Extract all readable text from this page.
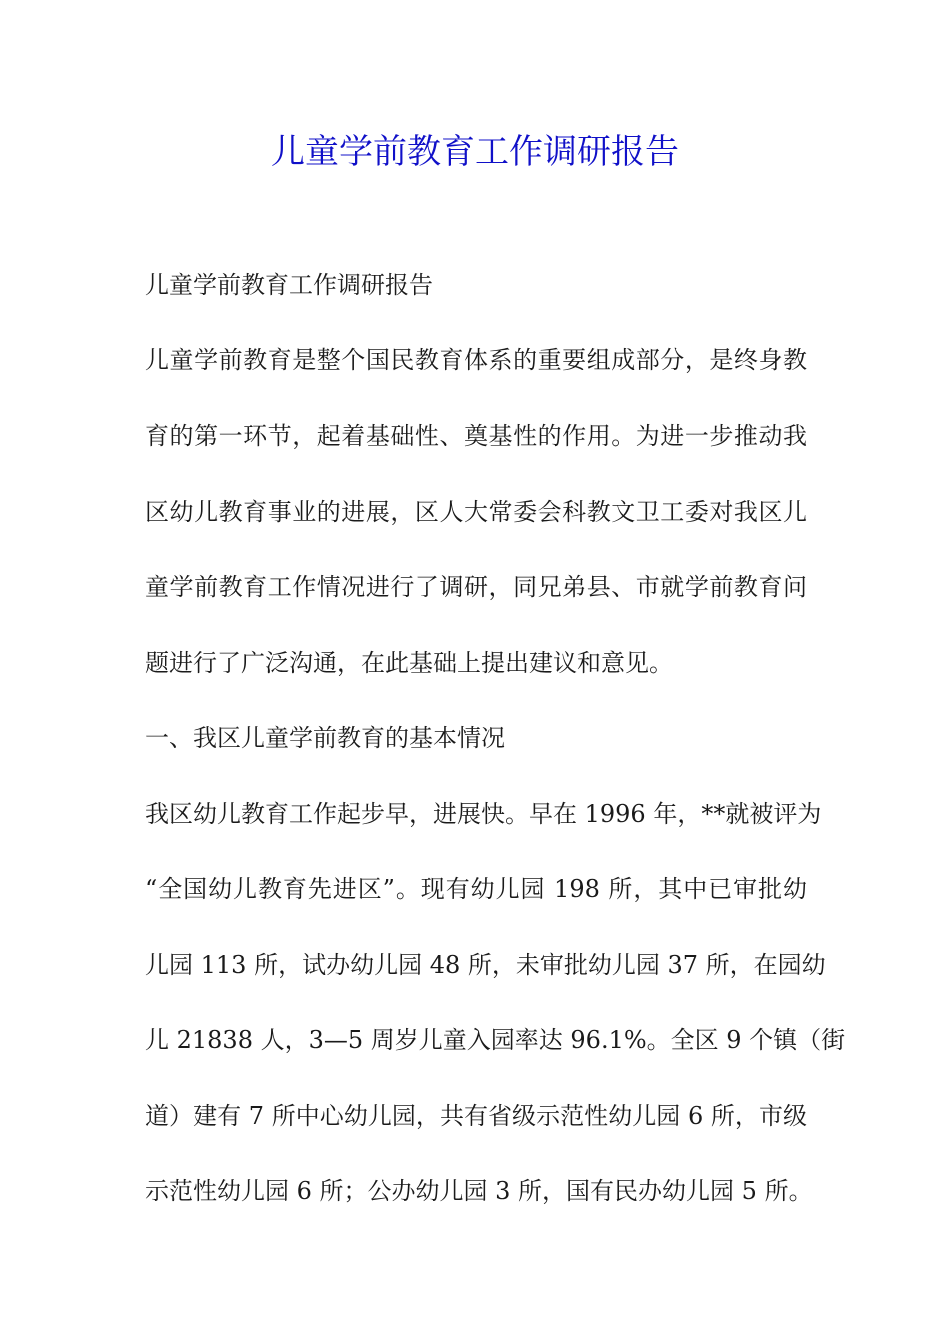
儿童学前教育工作调研报告

儿童学前教育工作调研报告

儿童学前教育是整个国民教育体系的重要组成部分，是终身教

育的第一环节，起着基础性、奠基性的作用。为进一步推动我

区幼儿教育事业的进展，区人大常委会科教文卫工委对我区儿

童学前教育工作情况进行了调研，同兄弟县、市就学前教育问

题进行了广泛沟通，在此基础上提出建议和意见。

一、我区儿童学前教育的基本情况

我区幼儿教育工作起步早，进展快。早在 1996 年，**就被评为

“全国幼儿教育先进区”。现有幼儿园 198 所，其中已审批幼

儿园 113 所，试办幼儿园 48 所，未审批幼儿园 37 所，在园幼

儿 21838 人，3—5 周岁儿童入园率达 96.1%。全区 9 个镇（街

道）建有 7 所中心幼儿园，共有省级示范性幼儿园 6 所，市级

示范性幼儿园 6 所；公办幼儿园 3 所，国有民办幼儿园 5 所。
